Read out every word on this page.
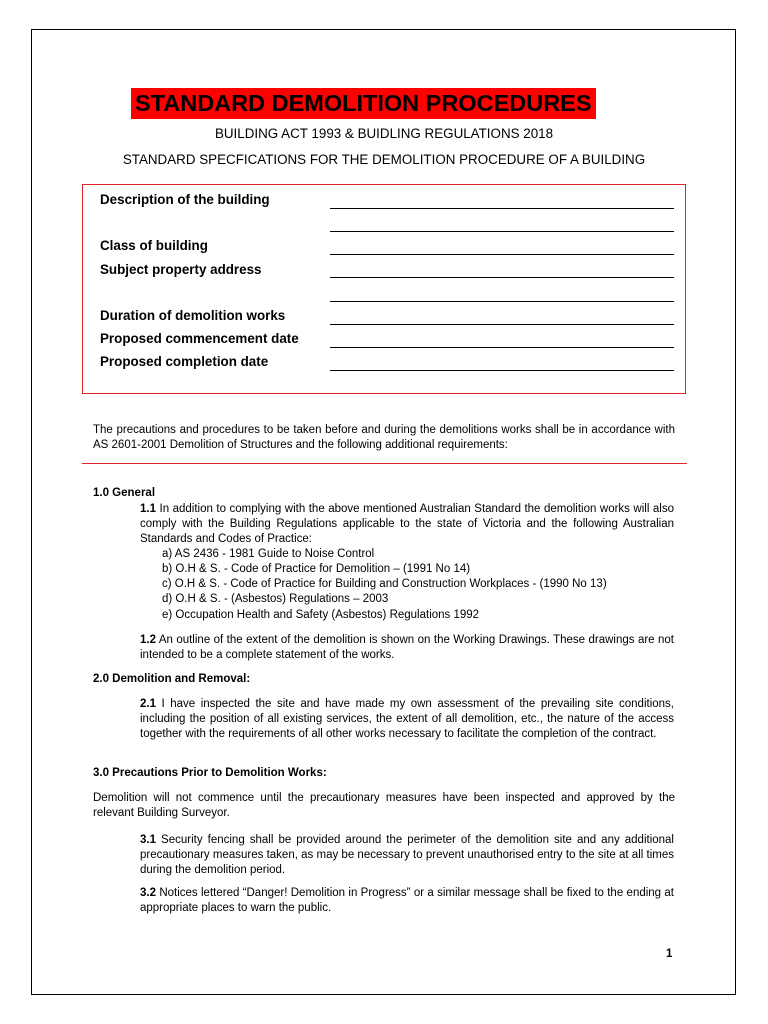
STANDARD DEMOLITION PROCEDURES
BUILDING ACT 1993 & BUIDLING REGULATIONS 2018
STANDARD SPECFICATIONS FOR THE DEMOLITION PROCEDURE OF A BUILDING
Description of the building
Class of building
Subject property address
Duration of demolition works
Proposed commencement date
Proposed completion date
The precautions and procedures to be taken before and during the demolitions works shall be in accordance with AS 2601-2001 Demolition of Structures and the following additional requirements:
1.0 General
1.1 In addition to complying with the above mentioned Australian Standard the demolition works will also comply with the Building Regulations applicable to the state of Victoria and the following Australian Standards and Codes of Practice:
a) AS 2436 - 1981 Guide to Noise Control
b) O.H & S. - Code of Practice for Demolition – (1991 No 14)
c) O.H & S. - Code of Practice for Building and Construction Workplaces - (1990 No 13)
d) O.H & S. - (Asbestos) Regulations – 2003
e) Occupation Health and Safety (Asbestos) Regulations 1992
1.2 An outline of the extent of the demolition is shown on the Working Drawings. These drawings are not intended to be a complete statement of the works.
2.0 Demolition and Removal:
2.1 I have inspected the site and have made my own assessment of the prevailing site conditions, including the position of all existing services, the extent of all demolition, etc., the nature of the access together with the requirements of all other works necessary to facilitate the completion of the contract.
3.0 Precautions Prior to Demolition Works:
Demolition will not commence until the precautionary measures have been inspected and approved by the relevant Building Surveyor.
3.1 Security fencing shall be provided around the perimeter of the demolition site and any additional precautionary measures taken, as may be necessary to prevent unauthorised entry to the site at all times during the demolition period.
3.2 Notices lettered “Danger! Demolition in Progress” or a similar message shall be fixed to the ending at appropriate places to warn the public.
1
